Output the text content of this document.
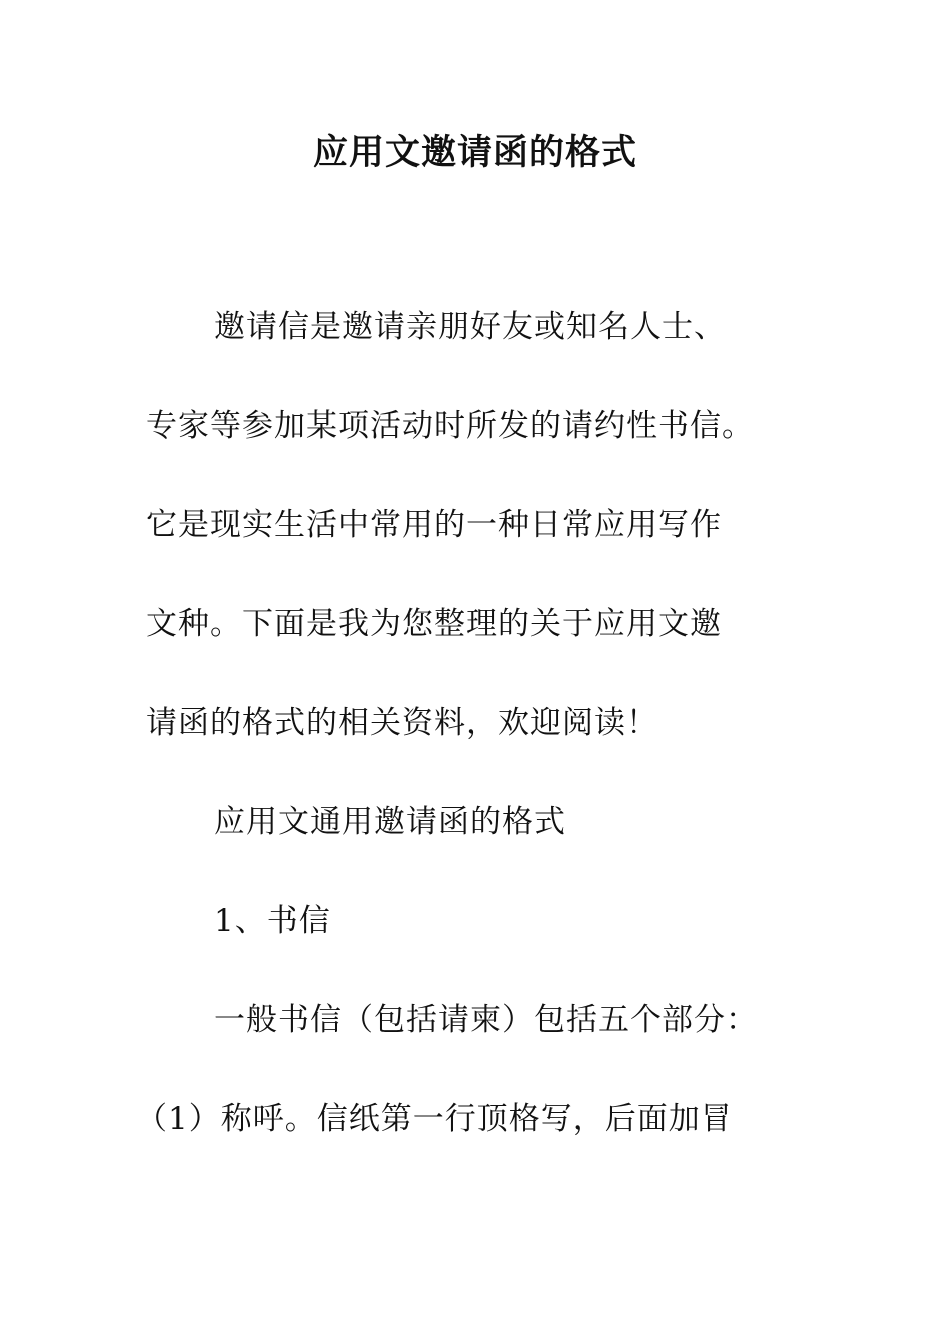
应用文邀请函的格式
邀请信是邀请亲朋好友或知名人士、
专家等参加某项活动时所发的请约性书信。
它是现实生活中常用的一种日常应用写作
文种。下面是我为您整理的关于应用文邀
请函的格式的相关资料，欢迎阅读！
应用文通用邀请函的格式
1、书信
一般书信（包括请柬）包括五个部分：
（1）称呼。信纸第一行顶格写，后面加冒
